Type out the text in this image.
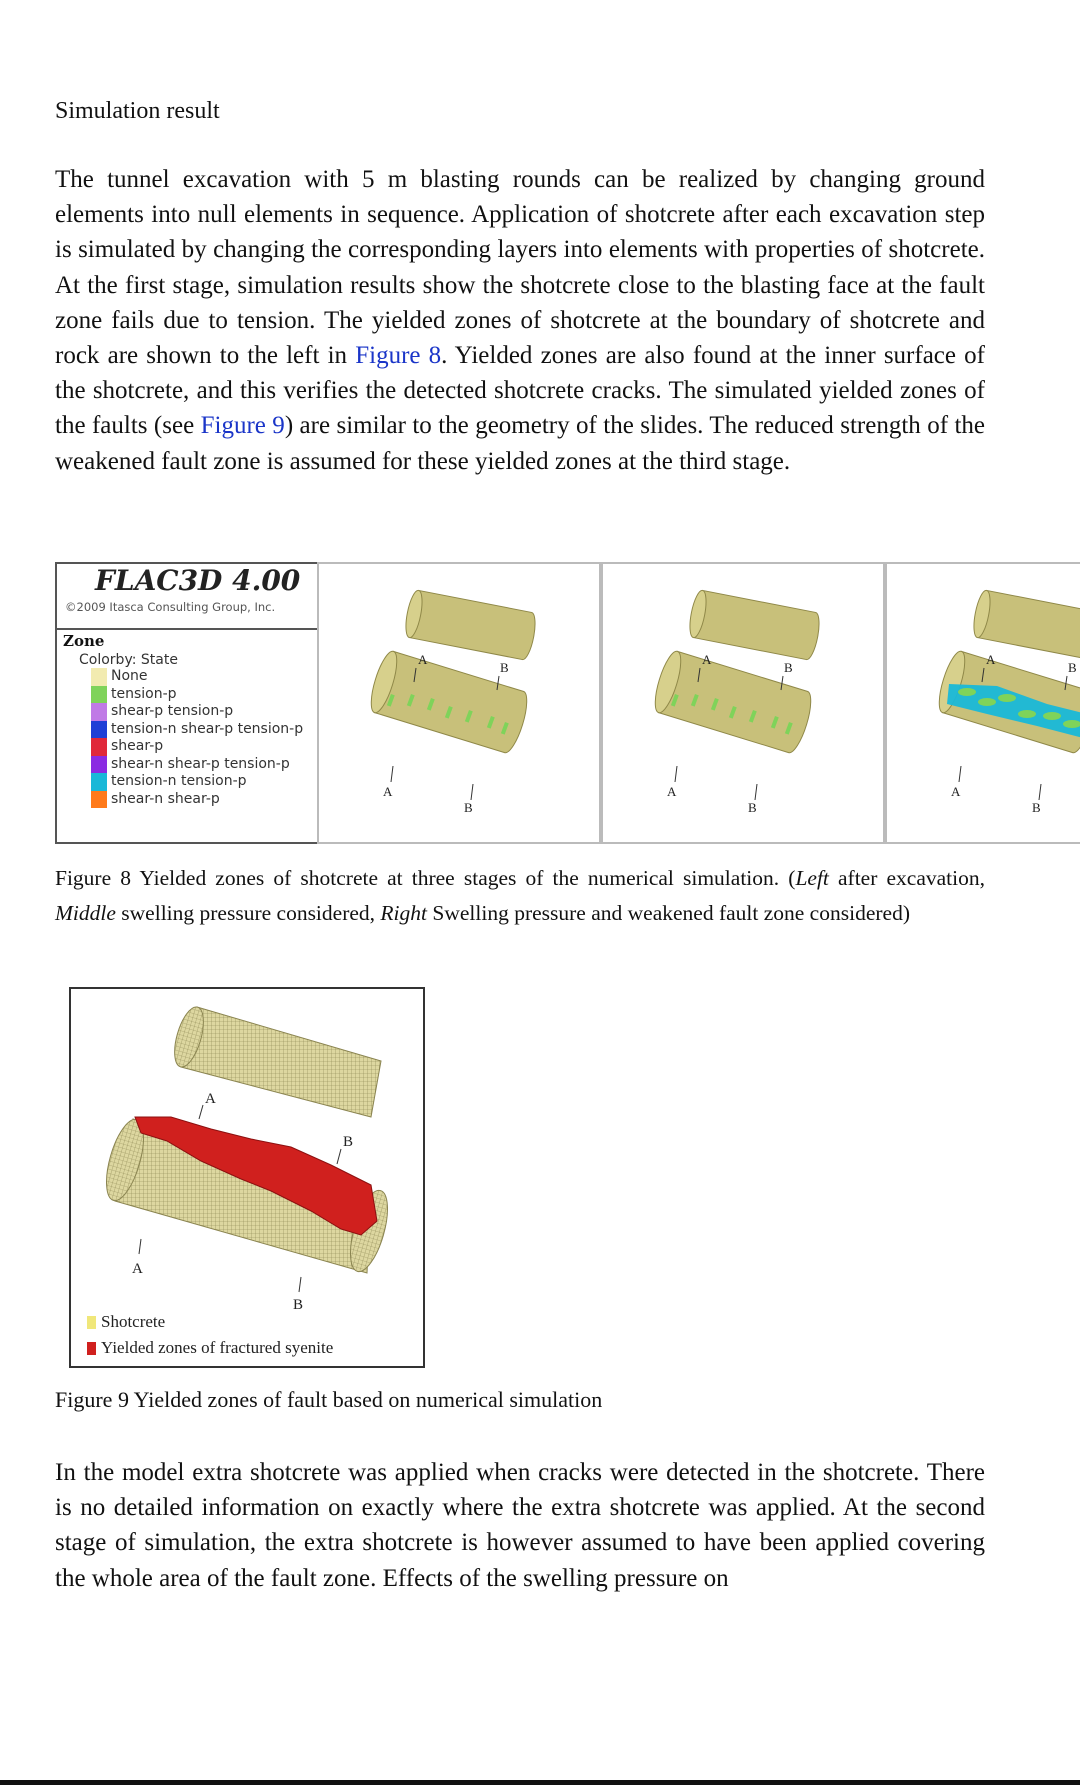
Simulation result

The tunnel excavation with 5 m blasting rounds can be realized by changing ground elements into null elements in sequence. Application of shotcrete after each excavation step is simulated by changing the corresponding layers into elements with properties of shotcrete. At the first stage, simulation results show the shotcrete close to the blasting face at the fault zone fails due to tension. The yielded zones of shotcrete at the boundary of shotcrete and rock are shown to the left in Figure 8. Yielded zones are also found at the inner surface of the shotcrete, and this verifies the detected shotcrete cracks. The simulated yielded zones of the faults (see Figure 9) are similar to the geometry of the slides. The reduced strength of the weakened fault zone is assumed for these yielded zones at the third stage.

FLAC3D 4.00
©2009 Itasca Consulting Group, Inc.
Zone
Colorby: State
None
tension-p
shear-p tension-p
tension-n shear-p tension-p
shear-p
shear-n shear-p tension-p
tension-n tension-p
shear-n shear-p
A
B
A
B
A
B
A
B
A
B
A
B
Figure 8 Yielded zones of shotcrete at three stages of the numerical simulation. (Left after excavation, Middle swelling pressure considered, Right Swelling pressure and weakened fault zone considered)
A
B
A
B
Shotcrete
Yielded zones of fractured syenite
Figure 9 Yielded zones of fault based on numerical simulation

In the model extra shotcrete was applied when cracks were detected in the shotcrete. There is no detailed information on exactly where the extra shotcrete was applied. At the second stage of simulation, the extra shotcrete is however assumed to have been applied covering the whole area of the fault zone. Effects of the swelling pressure on
